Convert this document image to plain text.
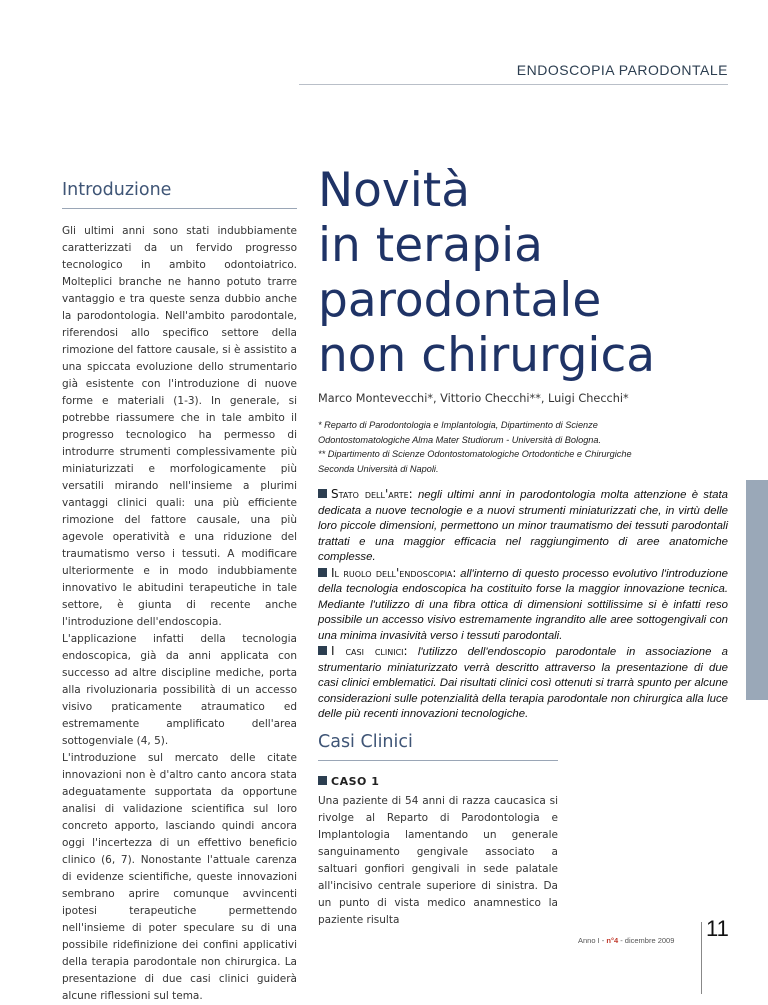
ENDOSCOPIA PARODONTALE
Introduzione

Gli ultimi anni sono stati indubbiamente caratterizzati da un fervido progresso tecnologico in ambito odontoiatrico. Molteplici branche ne hanno potuto trarre vantaggio e tra queste senza dubbio anche la parodontologia. Nell'ambito parodontale, riferendosi allo specifico settore della rimozione del fattore causale, si è assistito a una spiccata evoluzione dello strumentario già esistente con l'introduzione di nuove forme e materiali (1-3). In generale, si potrebbe riassumere che in tale ambito il progresso tecnologico ha permesso di introdurre strumenti complessivamente più miniaturizzati e morfologicamente più versatili mirando nell'insieme a plurimi vantaggi clinici quali: una più efficiente rimozione del fattore causale, una più agevole operatività e una riduzione del traumatismo verso i tessuti. A modificare ulteriormente e in modo indubbiamente innovativo le abitudini terapeutiche in tale settore, è giunta di recente anche l'introduzione dell'endoscopia.

L'applicazione infatti della tecnologia endoscopica, già da anni applicata con successo ad altre discipline mediche, porta alla rivoluzionaria possibilità di un accesso visivo praticamente atraumatico ed estremamente amplificato dell'area sottogenviale (4, 5).

L'introduzione sul mercato delle citate innovazioni non è d'altro canto ancora stata adeguatamente supportata da opportune analisi di validazione scientifica sul loro concreto apporto, lasciando quindi ancora oggi l'incertezza di un effettivo beneficio clinico (6, 7). Nonostante l'attuale carenza di evidenze scientifiche, queste innovazioni sembrano aprire comunque avvincenti ipotesi terapeutiche permettendo nell'insieme di poter speculare su di una possibile ridefinizione dei confini applicativi della terapia parodontale non chirurgica. La presentazione di due casi clinici guiderà alcune riflessioni sul tema.

Novità
in terapia
parodontale
non chirurgica
Marco Montevecchi*, Vittorio Checchi**, Luigi Checchi*
* Reparto di Parodontologia e Implantologia, Dipartimento di Scienze
Odontostomatologiche Alma Mater Studiorum - Università di Bologna.
** Dipartimento di Scienze Odontostomatologiche Ortodontiche e Chirurgiche
Seconda Università di Napoli.

Stato dell'arte: negli ultimi anni in parodontologia molta attenzione è stata dedicata a nuove tecnologie e a nuovi strumenti miniaturizzati che, in virtù delle loro piccole dimensioni, permettono un minor traumatismo dei tessuti parodontali trattati e una maggior efficacia nel raggiungimento di aree anatomiche complesse.

Il ruolo dell'endoscopia: all'interno di questo processo evolutivo l'introduzione della tecnologia endoscopica ha costituito forse la maggior innovazione tecnica. Mediante l'utilizzo di una fibra ottica di dimensioni sottilissime si è infatti reso possibile un accesso visivo estremamente ingrandito alle aree sottogengivali con una minima invasività verso i tessuti parodontali.

I casi clinici: l'utilizzo dell'endoscopio parodontale in associazione a strumentario miniaturizzato verrà descritto attraverso la presentazione di due casi clinici emblematici. Dai risultati clinici così ottenuti si trarrà spunto per alcune considerazioni sulle potenzialità della terapia parodontale non chirurgica alla luce delle più recenti innovazioni tecnologiche.

Casi Clinici
CASO 1

Una paziente di 54 anni di razza caucasica si rivolge al Reparto di Parodontologia e Implantologia lamentando un generale sanguinamento gengivale associato a saltuari gonfiori gengivali in sede palatale all'incisivo centrale superiore di sinistra. Da un punto di vista medico anamnestico la paziente risulta

Anno I - n°4 - dicembre 2009 11
